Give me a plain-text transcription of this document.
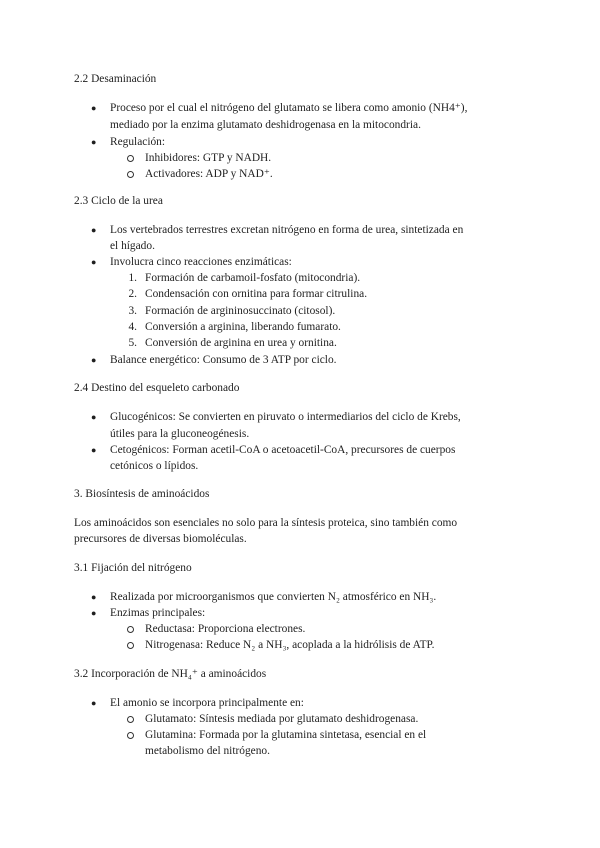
2.2 Desaminación
● Proceso por el cual el nitrógeno del glutamato se libera como amonio (NH4⁺),
mediado por la enzima glutamato deshidrogenasa en la mitocondria.
● Regulación:
Inhibidores: GTP y NADH.
Activadores: ADP y NAD⁺.
2.3 Ciclo de la urea
● Los vertebrados terrestres excretan nitrógeno en forma de urea, sintetizada en
el hígado.
● Involucra cinco reacciones enzimáticas:
1. Formación de carbamoil-fosfato (mitocondria).
2. Condensación con ornitina para formar citrulina.
3. Formación de argininosuccinato (citosol).
4. Conversión a arginina, liberando fumarato.
5. Conversión de arginina en urea y ornitina.
● Balance energético: Consumo de 3 ATP por ciclo.
2.4 Destino del esqueleto carbonado
● Glucogénicos: Se convierten en piruvato o intermediarios del ciclo de Krebs,
útiles para la gluconeogénesis.
● Cetogénicos: Forman acetil-CoA o acetoacetil-CoA, precursores de cuerpos
cetónicos o lípidos.
3. Biosíntesis de aminoácidos
Los aminoácidos son esenciales no solo para la síntesis proteica, sino también como
precursores de diversas biomoléculas.
3.1 Fijación del nitrógeno
● Realizada por microorganismos que convierten N₂ atmosférico en NH₃.
● Enzimas principales:
Reductasa: Proporciona electrones.
Nitrogenasa: Reduce N₂ a NH₃, acoplada a la hidrólisis de ATP.
3.2 Incorporación de NH₄⁺ a aminoácidos
● El amonio se incorpora principalmente en:
Glutamato: Síntesis mediada por glutamato deshidrogenasa.
Glutamina: Formada por la glutamina sintetasa, esencial en el
metabolismo del nitrógeno.
